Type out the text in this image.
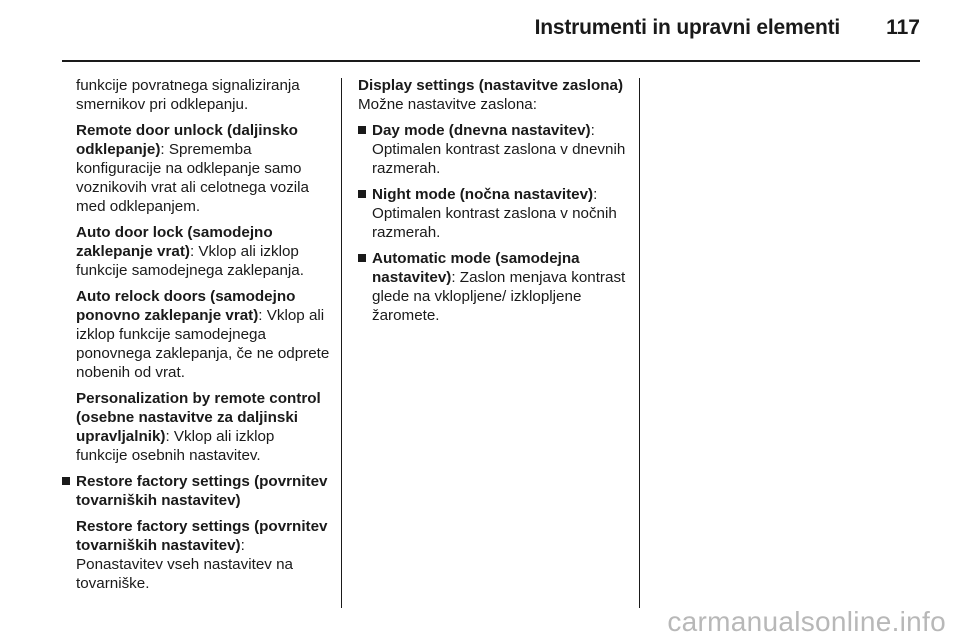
Instrumenti in upravni elementi 117

funkcije povratnega signaliziranja smernikov pri odklepanju.

Remote door unlock (daljinsko odklepanje): Sprememba konfiguracije na odklepanje samo voznikovih vrat ali celotnega vozila med odklepanjem.

Auto door lock (samodejno zaklepanje vrat): Vklop ali izklop funkcije samodejnega zaklepanja.

Auto relock doors (samodejno ponovno zaklepanje vrat): Vklop ali izklop funkcije samodejnega ponovnega zaklepanja, če ne odprete nobenih od vrat.

Personalization by remote control (osebne nastavitve za daljinski upravljalnik): Vklop ali izklop funkcije osebnih nastavitev.

Restore factory settings (povrnitev tovarniških nastavitev)

Restore factory settings (povrnitev tovarniških nastavitev): Ponastavitev vseh nastavitev na tovarniške.

Display settings (nastavitve zaslona)

Možne nastavitve zaslona:

Day mode (dnevna nastavitev): Optimalen kontrast zaslona v dnevnih razmerah.

Night mode (nočna nastavitev): Optimalen kontrast zaslona v nočnih razmerah.

Automatic mode (samodejna nastavitev): Zaslon menjava kontrast glede na vklopljene/ izklopljene žaromete.

carmanualsonline.info
